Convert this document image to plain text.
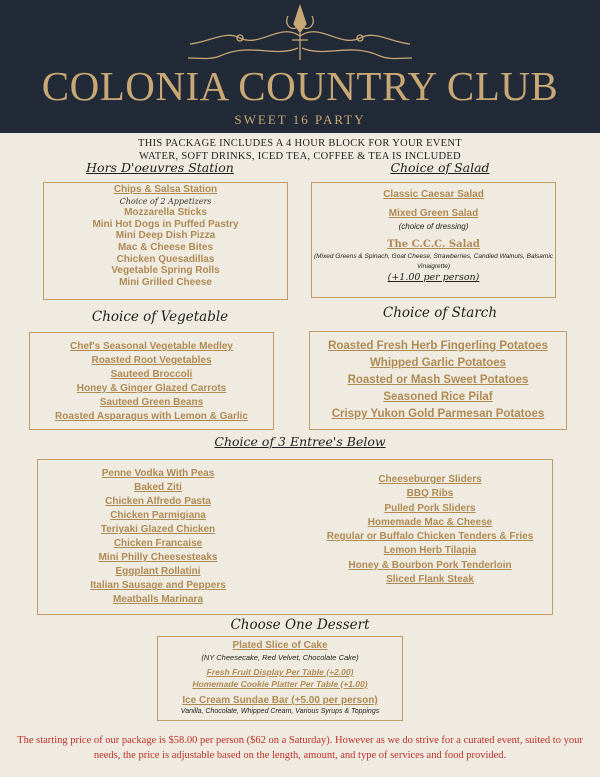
COLONIA COUNTRY CLUB
SWEET 16 PARTY
THIS PACKAGE INCLUDES A 4 HOUR BLOCK FOR YOUR EVENT
WATER, SOFT DRINKS, ICED TEA, COFFEE & TEA IS INCLUDED
Hors D'oeuvres Station
Chips & Salsa Station
Choice of 2 Appetizers
Mozzarella Sticks
Mini Hot Dogs in Puffed Pastry
Mini Deep Dish Pizza
Mac & Cheese Bites
Chicken Quesadillas
Vegetable Spring Rolls
Mini Grilled Cheese
Choice of Salad
Classic Caesar Salad
Mixed Green Salad
(choice of dressing)
The C.C.C. Salad
(Mixed Greens & Spinach, Goat Cheese, Strawberries, Candied Walnuts, Balsamic
Vinaigrette)
(+1.00 per person)
Choice of Vegetable
Chef's Seasonal Vegetable Medley
Roasted Root Vegetables
Sauteed Broccoli
Honey & Ginger Glazed Carrots
Sauteed Green Beans
Roasted Asparagus with Lemon & Garlic
Choice of Starch
Roasted Fresh Herb Fingerling Potatoes
Whipped Garlic Potatoes
Roasted or Mash Sweet Potatoes
Seasoned Rice Pilaf
Crispy Yukon Gold Parmesan Potatoes
Choice of 3 Entree's Below
Penne Vodka With Peas
Baked Ziti
Chicken Alfredo Pasta
Chicken Parmigiana
Teriyaki Glazed Chicken
Chicken Francaise
Mini Philly Cheesesteaks
Eggplant Rollatini
Italian Sausage and Peppers
Meatballs Marinara
Cheeseburger Sliders
BBQ Ribs
Pulled Pork Sliders
Homemade Mac & Cheese
Regular or Buffalo Chicken Tenders & Fries
Lemon Herb Tilapia
Honey & Bourbon Pork Tenderloin
Sliced Flank Steak
Choose One Dessert
Plated Slice of Cake
(NY Cheesecake, Red Velvet, Chocolate Cake)
Fresh Fruit Display Per Table (+2.00)
Homemade Cookie Platter Per Table (+1.00)
Ice Cream Sundae Bar (+5.00 per person)
Vanilla, Chocolate, Whipped Cream, Various Syrups & Toppings
The starting price of our package is $58.00 per person ($62 on a Saturday). However as we do strive for a curated event, suited to your needs, the price is adjustable based on the length, amount, and type of services and food provided.
